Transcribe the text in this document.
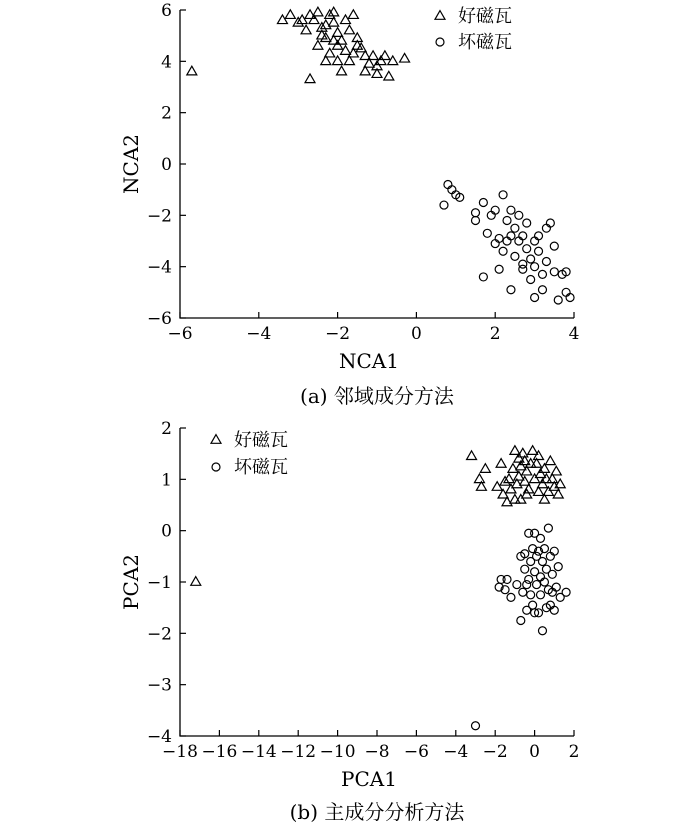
−6	−4	−2	0	2	4
−6
−4
−2
0
2
4
6
NCA1
NCA2
(a) 邻域成分方法
好磁瓦
坏磁瓦
−18 −16 −14 −12 −10 −8 −6 −4 −2 0 2
−4
−3
−2
−1
0
1
2
PCA1
PCA2
(b) 主成分分析方法
好磁瓦
坏磁瓦
